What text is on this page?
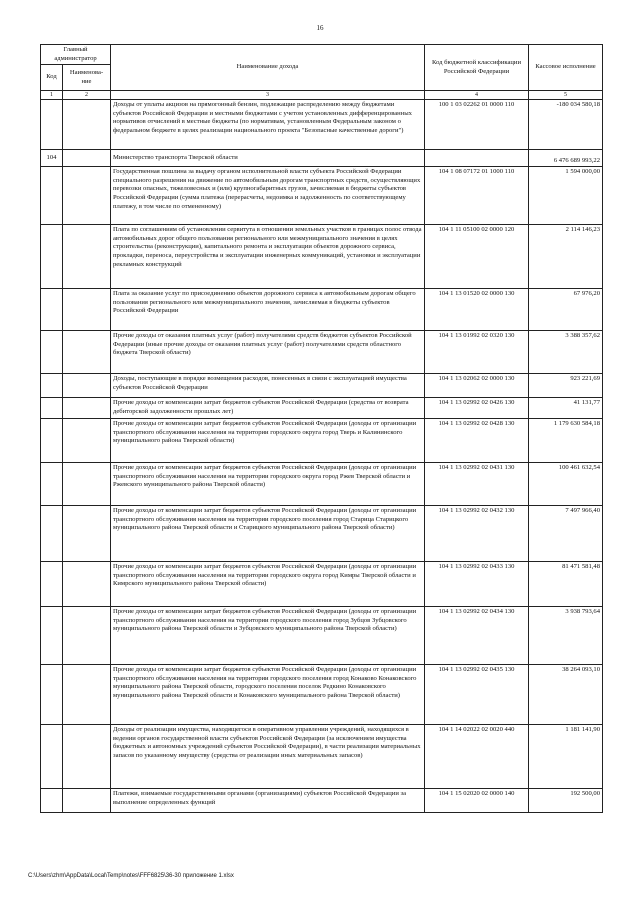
16
Главный администратор		Наименование дохода	Код бюджетной классификации Российской Федерации	Кассовое исполнение
Код	Наименова-ние			
1	2	3	4	5
		Доходы от уплаты акцизов на прямогонный бензин, подлежащие распределению между бюджетами субъектов Российской Федерации и местными бюджетами с учетом установленных дифференцированных нормативов отчислений в местные бюджеты (по нормативам, установленным Федеральным законом о федеральном бюджете в целях реализации национального проекта "Безопасные качественные дороги")	100 1 03 02262 01 0000 110	-180 034 580,18
104		Министерство транспорта Тверской области		6 476 689 993,22
		Государственная пошлина за выдачу органом исполнительной власти субъекта Российской Федерации специального разрешения на движение по автомобильным дорогам транспортных средств, осуществляющих перевозки опасных, тяжеловесных и (или) крупногабаритных грузов, зачисляемая в бюджеты субъектов Российской Федерации (сумма платежа (перерасчеты, недоимка и задолженность по соответствующему платежу, в том числе по отмененному)	104 1 08 07172 01 1000 110	1 594 000,00
		Плата по соглашениям об установлении сервитута в отношении земельных участков в границах полос отвода автомобильных дорог общего пользования регионального или межмуниципального значения в целях строительства (реконструкции), капитального ремонта и эксплуатации объектов дорожного сервиса, прокладки, переноса, переустройства и эксплуатации инженерных коммуникаций, установки и эксплуатации рекламных конструкций	104 1 11 05100 02 0000 120	2 114 146,23
		Плата за оказание услуг по присоединению объектов дорожного сервиса к автомобильным дорогам общего пользования регионального или межмуниципального значения, зачисляемая в бюджеты субъектов Российской Федерации	104 1 13 01520 02 0000 130	67 976,20
		Прочие доходы от оказания платных услуг (работ) получателями средств бюджетов субъектов Российской Федерации (иные прочие доходы от оказания платных услуг (работ) получателями средств областного бюджета Тверской области)	104 1 13 01992 02 0320 130	3 388 357,62
		Доходы, поступающие в порядке возмещения расходов, понесенных в связи с эксплуатацией имущества субъектов Российской Федерации	104 1 13 02062 02 0000 130	923 221,69
		Прочие доходы от компенсации затрат бюджетов субъектов Российской Федерации (средства от возврата дебиторской задолженности прошлых лет)	104 1 13 02992 02 0426 130	41 131,77
		Прочие доходы от компенсации затрат бюджетов субъектов Российской Федерации (доходы от организации транспортного обслуживания населения на территории городского округа город Тверь и Калининского муниципального района Тверской области)	104 1 13 02992 02 0428 130	1 179 630 584,18
		Прочие доходы от компенсации затрат бюджетов субъектов Российской Федерации (доходы от организации транспортного обслуживания населения на территории городского округа город Ржев Тверской области и Ржевского муниципального района Тверской области)	104 1 13 02992 02 0431 130	100 461 632,54
		Прочие доходы от компенсации затрат бюджетов субъектов Российской Федерации (доходы от организации транспортного обслуживания населения на территории городского поселения город Старица Старицкого муниципального района Тверской области и Старицкого муниципального района Тверской области)	104 1 13 02992 02 0432 130	7 497 966,40
		Прочие доходы от компенсации затрат бюджетов субъектов Российской Федерации (доходы от организации транспортного обслуживания населения на территории городского округа город Кимры Тверской области и Кимрского муниципального района Тверской области)	104 1 13 02992 02 0433 130	81 471 581,48
		Прочие доходы от компенсации затрат бюджетов субъектов Российской Федерации (доходы от организации транспортного обслуживания населения на территории городского поселения город Зубцов Зубцовского муниципального района Тверской области и Зубцовского муниципального района Тверской области)	104 1 13 02992 02 0434 130	3 938 793,64
		Прочие доходы от компенсации затрат бюджетов субъектов Российской Федерации (доходы от организации транспортного обслуживания населения на территории городского поселения город Конаково Конаковского муниципального района Тверской области, городского поселения поселок Редкино Конаковского муниципального района Тверской области и Конаковского муниципального района Тверской области)	104 1 13 02992 02 0435 130	38 264 093,10
		Доходы от реализации имущества, находящегося в оперативном управлении учреждений, находящихся в ведении органов государственной власти субъектов Российской Федерации (за исключением имущества бюджетных и автономных учреждений субъектов Российской Федерации), в части реализации материальных запасов по указанному имуществу (средства от реализации иных материальных запасов)	104 1 14 02022 02 0020 440	1 181 141,90
		Платежи, взимаемые государственными органами (организациями) субъектов Российской Федерации за выполнение определенных функций	104 1 15 02020 02 0000 140	192 500,00
C:\Users\zhm\AppData\Local\Temp\notes\FFF6825\36-30 приложение 1.xlsx
